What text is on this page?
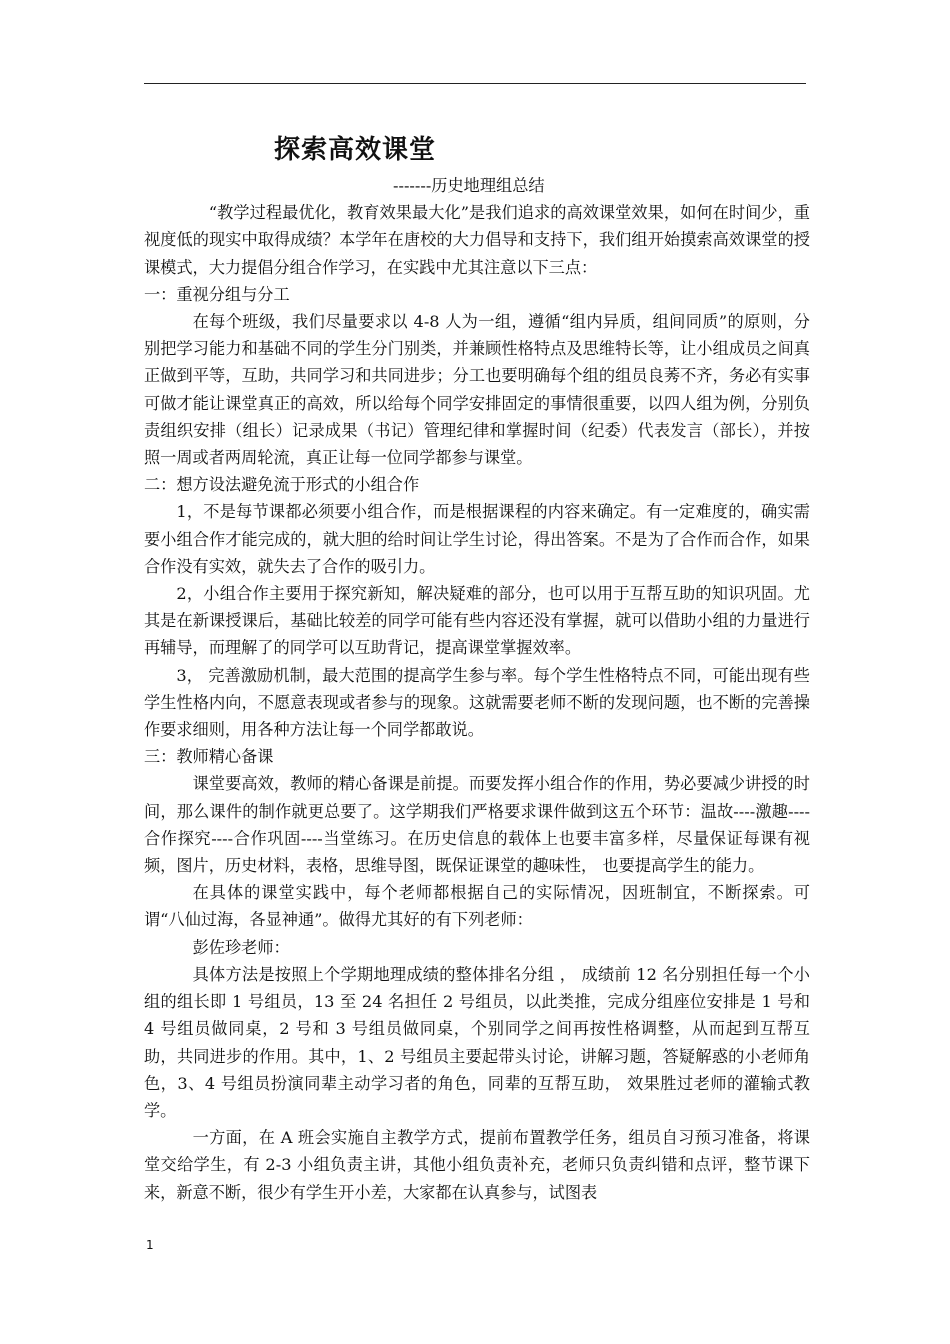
探索高效课堂

-------历史地理组总结

“教学过程最优化，教育效果最大化”是我们追求的高效课堂效果，如何在时间少，重视度低的现实中取得成绩？本学年在唐校的大力倡导和支持下，我们组开始摸索高效课堂的授课模式，大力提倡分组合作学习，在实践中尤其注意以下三点：

一：重视分组与分工

在每个班级，我们尽量要求以 4-8 人为一组，遵循“组内异质，组间同质”的原则，分别把学习能力和基础不同的学生分门别类，并兼顾性格特点及思维特长等，让小组成员之间真正做到平等，互助，共同学习和共同进步；分工也要明确每个组的组员良莠不齐，务必有实事可做才能让课堂真正的高效，所以给每个同学安排固定的事情很重要，以四人组为例，分别负责组织安排（组长）记录成果（书记）管理纪律和掌握时间（纪委）代表发言（部长），并按照一周或者两周轮流，真正让每一位同学都参与课堂。

二：想方设法避免流于形式的小组合作

1，不是每节课都必须要小组合作，而是根据课程的内容来确定。有一定难度的，确实需要小组合作才能完成的，就大胆的给时间让学生讨论，得出答案。不是为了合作而合作，如果合作没有实效，就失去了合作的吸引力。

2，小组合作主要用于探究新知，解决疑难的部分，也可以用于互帮互助的知识巩固。尤其是在新课授课后，基础比较差的同学可能有些内容还没有掌握，就可以借助小组的力量进行再辅导，而理解了的同学可以互助背记，提高课堂掌握效率。

3， 完善激励机制，最大范围的提高学生参与率。每个学生性格特点不同，可能出现有些学生性格内向，不愿意表现或者参与的现象。这就需要老师不断的发现问题，也不断的完善操作要求细则，用各种方法让每一个同学都敢说。

三：教师精心备课

课堂要高效，教师的精心备课是前提。而要发挥小组合作的作用，势必要减少讲授的时间，那么课件的制作就更总要了。这学期我们严格要求课件做到这五个环节：温故----激趣----合作探究----合作巩固----当堂练习。在历史信息的载体上也要丰富多样，尽量保证每课有视频，图片，历史材料，表格，思维导图，既保证课堂的趣味性， 也要提高学生的能力。

在具体的课堂实践中，每个老师都根据自己的实际情况，因班制宜，不断探索。可谓“八仙过海，各显神通”。做得尤其好的有下列老师：

彭佐珍老师：

具体方法是按照上个学期地理成绩的整体排名分组 ， 成绩前 12 名分别担任每一个小组的组长即 1 号组员，13 至 24 名担任 2 号组员，以此类推，完成分组座位安排是 1 号和 4 号组员做同桌，2 号和 3 号组员做同桌，个别同学之间再按性格调整，从而起到互帮互助，共同进步的作用。其中，1、2 号组员主要起带头讨论，讲解习题，答疑解惑的小老师角色，3、4 号组员扮演同辈主动学习者的角色，同辈的互帮互助， 效果胜过老师的灌输式教学。

一方面，在 A 班会实施自主教学方式，提前布置教学任务，组员自习预习准备，将课堂交给学生，有 2-3 小组负责主讲，其他小组负责补充，老师只负责纠错和点评，整节课下来，新意不断，很少有学生开小差，大家都在认真参与，试图表

1
